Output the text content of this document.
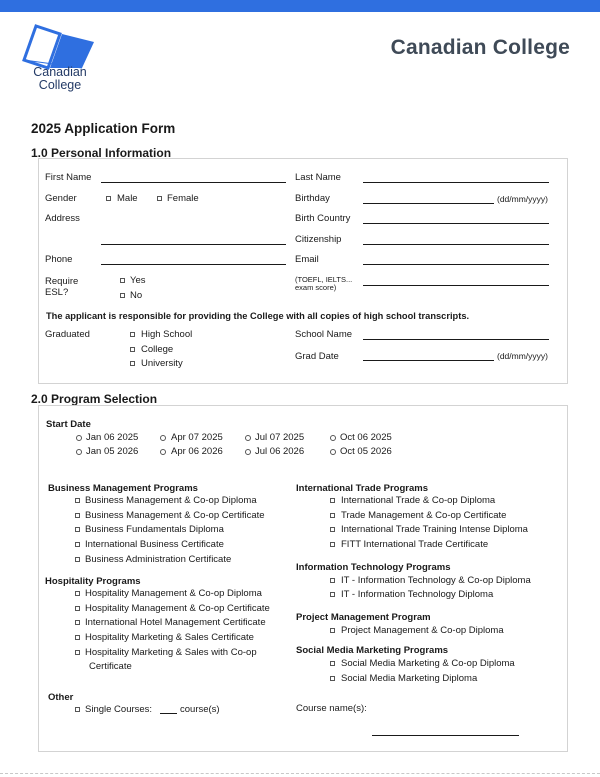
Canadian
College
Canadian College
2025 Application Form
1.0 Personal Information
First Name	Last Name
Gender	Male	Female	Birthday	(dd/mm/yyyy)
Address	Birth Country
Citizenship
Phone	Email
Require
ESL?
Yes
No
(TOEFL, IELTS...
exam score)
The applicant is responsible for providing the College with all copies of high school transcripts.
Graduated	High School
College
University
School Name
Grad Date	(dd/mm/yyyy)
2.0 Program Selection
Start Date
Jan 06 2025	Apr 07 2025	Jul 07 2025	Oct 06 2025
Jan 05 2026	Apr 06 2026	Jul 06 2026	Oct 05 2026
Business Management Programs
Business Management & Co-op Diploma
Business Management & Co-op Certificate
Business Fundamentals Diploma
International Business Certificate
Business Administration Certificate
Hospitality Programs
Hospitality Management & Co-op Diploma
Hospitality Management & Co-op Certificate
International Hotel Management Certificate
Hospitality Marketing & Sales Certificate
Hospitality Marketing & Sales with Co-op
Certificate
International Trade Programs
International Trade & Co-op Diploma
Trade Management & Co-op Certificate
International Trade Training Intense Diploma
FITT International Trade Certificate
Information Technology Programs
IT - Information Technology & Co-op Diploma
IT - Information Technology Diploma
Project Management Program
Project Management & Co-op Diploma
Social Media Marketing Programs
Social Media Marketing & Co-op Diploma
Social Media Marketing Diploma
Other
Single Courses:	course(s)	Course name(s):
